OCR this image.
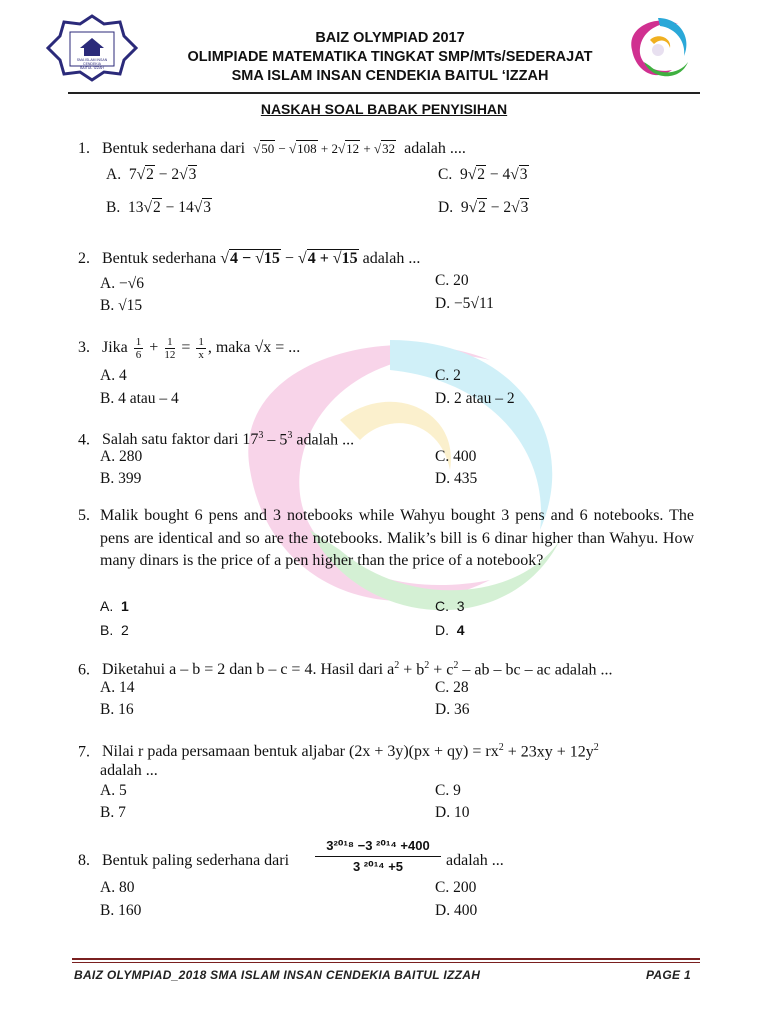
SMA ISLAM INSAN
CENDEKIA
BAITUL 'IZZAH
BAIZ OLYMPIAD 2017
OLIMPIADE MATEMATIKA TINGKAT SMP/MTs/SEDERAJAT
SMA ISLAM INSAN CENDEKIA BAITUL ‘IZZAH
NASKAH SOAL BABAK PENYISIHAN
1. Bentuk sederhana dari √50 − √108 + 2√12 + √32 adalah ....
A. 7√2 − 2√3
B. 13√2 − 14√3
C. 9√2 − 4√3
D. 9√2 − 2√3
2. Bentuk sederhana √4 − √15 − √4 + √15 adalah ...
A. −√6
B. √15
C. 20
D. −5√11
3. Jika $\frac{1}{6} + \frac{1}{12} = \frac{1}{x}$ , maka √x = ...
A. 4
B. 4 atau – 4
C. 2
D. 2 atau – 2
4. Salah satu faktor dari $17^3 - 5^3$ adalah ...
A. 280
B. 399
C. 400
D. 435
5. Malik bought 6 pens and 3 notebooks while Wahyu bought 3 pens and 6 notebooks. The pens are identical and so are the notebooks. Malik’s bill is 6 dinar higher than Wahyu. How many dinars is the price of a pen higher than the price of a notebook?
A. 1
B. 2
C. 3
D. 4
6. Diketahui a – b = 2 dan b – c = 4. Hasil dari $a^2 + b^2 + c^2$ – ab – bc – ac adalah ...
A. 14
B. 16
C. 28
D. 36
7. Nilai r pada persamaan bentuk aljabar $(2x + 3y)(px + qy) = rx^2 + 23xy + 12y^2$
adalah ...
A. 5
B. 7
C. 9
D. 10
8. Bentuk paling sederhana dari $\frac{\text{3²⁰¹⁸ −3 ²⁰¹⁴ +400}}{\text{3 ²⁰¹⁴ +5}}$ adalah ...
A. 80
B. 160
C. 200
D. 400
BAIZ OLYMPIAD_2018 SMA ISLAM INSAN CENDEKIA BAITUL IZZAH	PAGE 1
